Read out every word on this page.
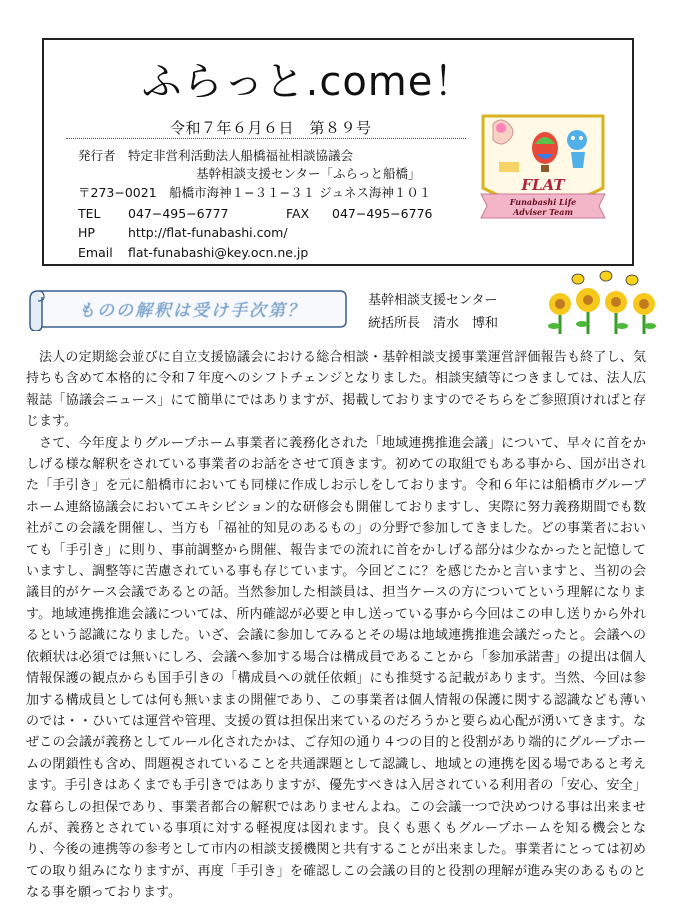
ふらっと.come！
令和７年６月６日　第８９号
発行者 特定非営利活動法人船橋福祉相談協議会
基幹相談支援センター「ふらっと船橋」
〒273−0021　船橋市海神１−３１−３１ ジュネス海神１０１
TEL 047−495−6777	FAX 047−495−6776
HP	http://flat-funabashi.com/
Email flat-funabashi@key.ocn.ne.jp
FLAT
Funabashi Life
Adviser Team
ものの解釈は受け手次第？
基幹相談支援センター
統括所長　清水　博和

法人の定期総会並びに自立支援協議会における総合相談・基幹相談支援事業運営評価報告も終了し、気持ちも含めて本格的に令和７年度へのシフトチェンジとなりました。相談実績等につきましては、法人広報誌「協議会ニュース」にて簡単にではありますが、掲載しておりますのでそちらをご参照頂ければと存じます。

さて、今年度よりグループホーム事業者に義務化された「地域連携推進会議」について、早々に首をかしげる様な解釈をされている事業者のお話をさせて頂きます。初めての取組でもある事から、国が出された「手引き」を元に船橋市においても同様に作成しお示しをしております。令和６年には船橋市グループホーム連絡協議会においてエキシビション的な研修会も開催しておりますし、実際に努力義務期間でも数社がこの会議を開催し、当方も「福祉的知見のあるもの」の分野で参加してきました。どの事業者においても「手引き」に則り、事前調整から開催、報告までの流れに首をかしげる部分は少なかったと記憶していますし、調整等に苦慮されている事も存じています。今回どこに？を感じたかと言いますと、当初の会議目的がケース会議であるとの話。当然参加した相談員は、担当ケースの方についてという理解になります。地域連携推進会議については、所内確認が必要と申し送っている事から今回はこの申し送りから外れるという認識になりました。いざ、会議に参加してみるとその場は地域連携推進会議だったと。会議への依頼状は必須では無いにしろ、会議へ参加する場合は構成員であることから「参加承諾書」の提出は個人情報保護の観点からも国手引きの「構成員への就任依頼」にも推奨する記載があります。当然、今回は参加する構成員としては何も無いままの開催であり、この事業者は個人情報の保護に関する認識なども薄いのでは・・ひいては運営や管理、支援の質は担保出来ているのだろうかと要らぬ心配が湧いてきます。なぜこの会議が義務としてルール化されたかは、ご存知の通り４つの目的と役割があり端的にグループホームの閉鎖性も含め、問題視されていることを共通課題として認識し、地域との連携を図る場であると考えます。手引きはあくまでも手引きではありますが、優先すべきは入居されている利用者の「安心、安全」な暮らしの担保であり、事業者都合の解釈ではありませんよね。この会議一つで決めつける事は出来ませんが、義務とされている事項に対する軽視度は図れます。良くも悪くもグループホームを知る機会となり、今後の連携等の参考として市内の相談支援機関と共有することが出来ました。事業者にとっては初めての取り組みになりますが、再度「手引き」を確認しこの会議の目的と役割の理解が進み実のあるものとなる事を願っております。
